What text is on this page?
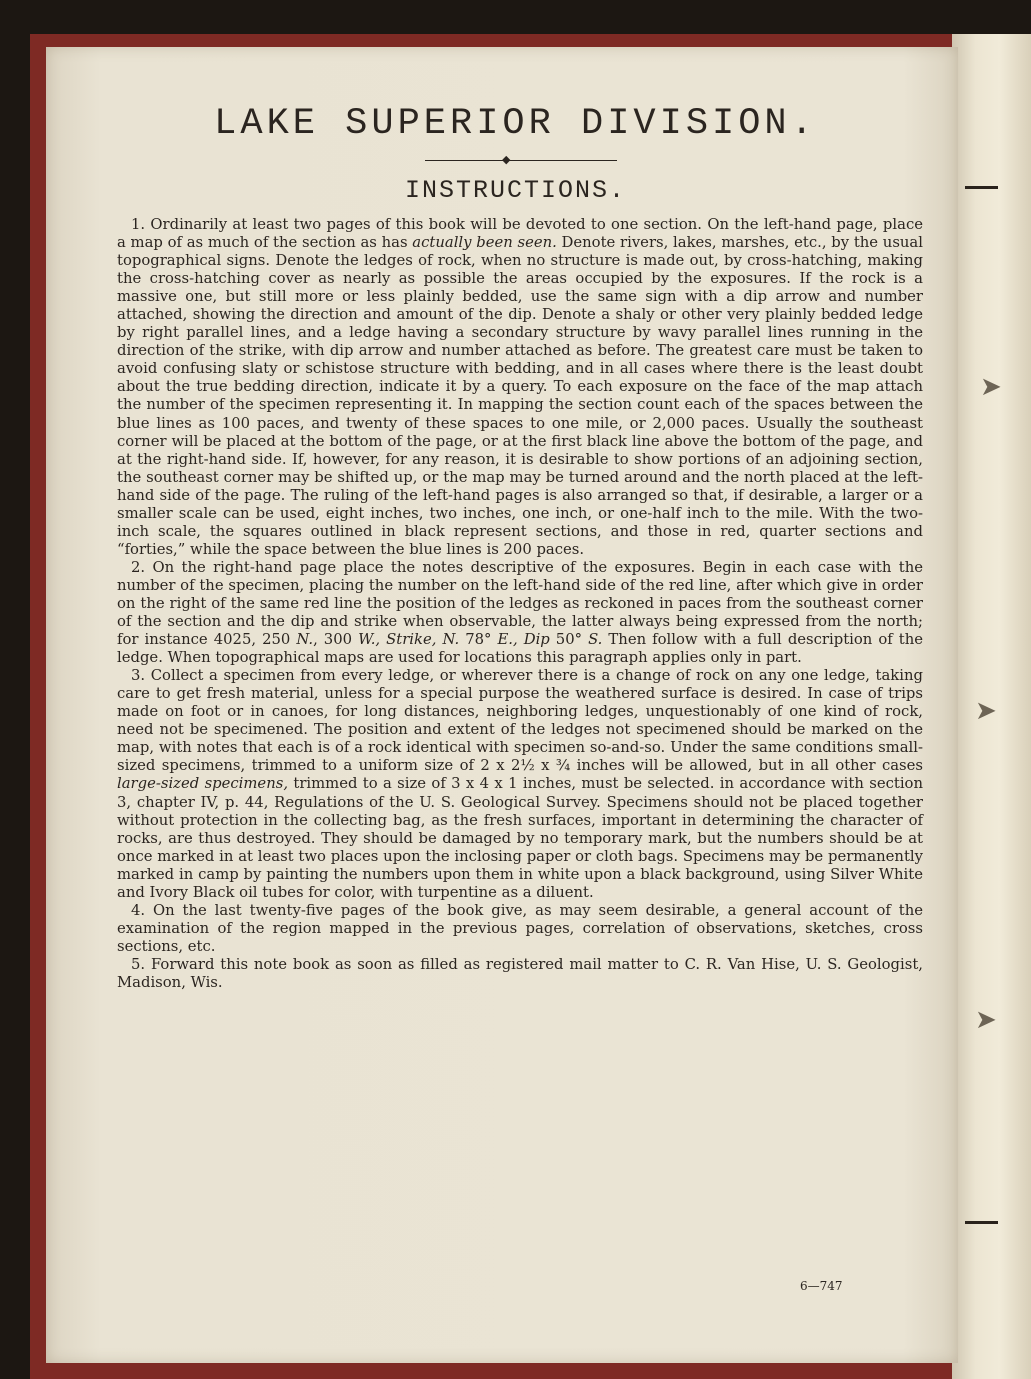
➤
➤
➤
LAKE SUPERIOR DIVISION.
◆
INSTRUCTIONS.

1. Ordinarily at least two pages of this book will be devoted to one section. On the left-hand page, place a map of as much of the section as has actually been seen. Denote rivers, lakes, marshes, etc., by the usual topographical signs. Denote the ledges of rock, when no structure is made out, by cross-hatching, making the cross-hatching cover as nearly as possible the areas occupied by the exposures. If the rock is a massive one, but still more or less plainly bedded, use the same sign with a dip arrow and number attached, showing the direction and amount of the dip. Denote a shaly or other very plainly bedded ledge by right parallel lines, and a ledge having a secondary structure by wavy parallel lines running in the direction of the strike, with dip arrow and number attached as before. The greatest care must be taken to avoid confusing slaty or schistose structure with bedding, and in all cases where there is the least doubt about the true bedding direction, indicate it by a query. To each exposure on the face of the map attach the number of the specimen representing it. In mapping the section count each of the spaces between the blue lines as 100 paces, and twenty of these spaces to one mile, or 2,000 paces. Usually the southeast corner will be placed at the bottom of the page, or at the first black line above the bottom of the page, and at the right-hand side. If, however, for any reason, it is desirable to show portions of an adjoining section, the southeast corner may be shifted up, or the map may be turned around and the north placed at the left-hand side of the page. The ruling of the left-hand pages is also arranged so that, if desirable, a larger or a smaller scale can be used, eight inches, two inches, one inch, or one-half inch to the mile. With the two-inch scale, the squares outlined in black represent sections, and those in red, quarter sections and “forties,” while the space between the blue lines is 200 paces.

2. On the right-hand page place the notes descriptive of the exposures. Begin in each case with the number of the specimen, placing the number on the left-hand side of the red line, after which give in order on the right of the same red line the position of the ledges as reckoned in paces from the southeast corner of the section and the dip and strike when observable, the latter always being expressed from the north; for instance 4025, 250 N., 300 W., Strike, N. 78° E., Dip 50° S. Then follow with a full description of the ledge. When topographical maps are used for locations this paragraph applies only in part.

3. Collect a specimen from every ledge, or wherever there is a change of rock on any one ledge, taking care to get fresh material, unless for a special purpose the weathered surface is desired. In case of trips made on foot or in canoes, for long distances, neighboring ledges, unquestionably of one kind of rock, need not be specimened. The position and extent of the ledges not specimened should be marked on the map, with notes that each is of a rock identical with specimen so-and-so. Under the same conditions small-sized specimens, trimmed to a uniform size of 2 x 2½ x ¾ inches will be allowed, but in all other cases large-sized specimens, trimmed to a size of 3 x 4 x 1 inches, must be selected. in accordance with section 3, chapter IV, p. 44, Regulations of the U. S. Geological Survey. Specimens should not be placed together without protection in the collecting bag, as the fresh surfaces, important in determining the character of rocks, are thus destroyed. They should be damaged by no temporary mark, but the numbers should be at once marked in at least two places upon the inclosing paper or cloth bags. Specimens may be permanently marked in camp by painting the numbers upon them in white upon a black background, using Silver White and Ivory Black oil tubes for color, with turpentine as a diluent.

4. On the last twenty-five pages of the book give, as may seem desirable, a general account of the examination of the region mapped in the previous pages, correlation of observations, sketches, cross sections, etc.

5. Forward this note book as soon as filled as registered mail matter to C. R. Van Hise, U. S. Geologist, Madison, Wis.

6—747
